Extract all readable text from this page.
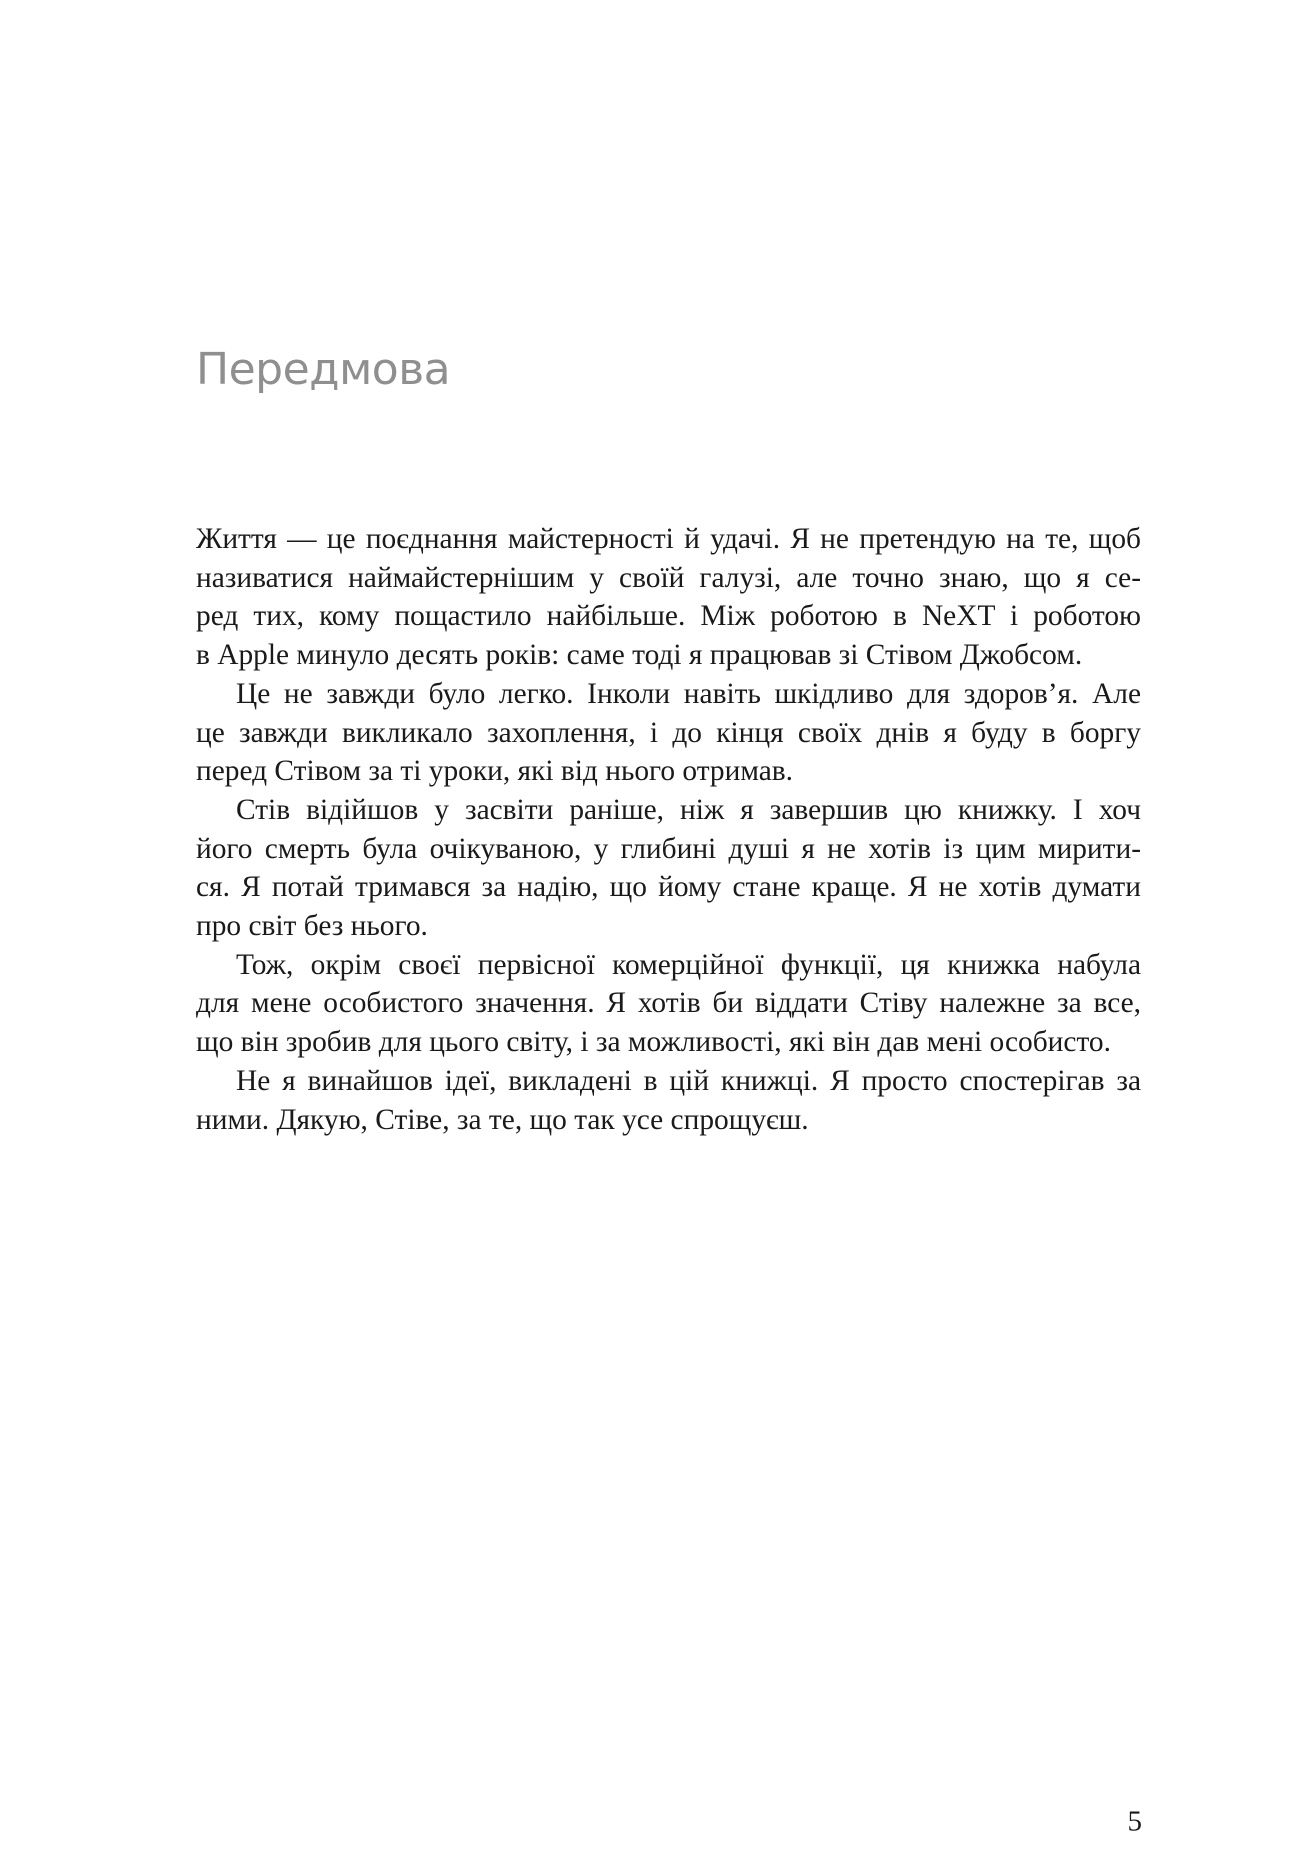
Передмова

Життя — це поєднання майстерності й удачі. Я не претендую на те, щоб

називатися наймайстернішим у своїй галузі, але точно знаю, що я се-

ред тих, кому пощастило найбільше. Між роботою в NeXT і роботою

в Apple минуло десять років: саме тоді я працював зі Стівом Джобсом.

Це не завжди було легко. Інколи навіть шкідливо для здоров’я. Але

це завжди викликало захоплення, і до кінця своїх днів я буду в боргу

перед Стівом за ті уроки, які від нього отримав.

Стів відійшов у засвіти раніше, ніж я завершив цю книжку. І хоч

його смерть була очікуваною, у глибині душі я не хотів із цим мирити-

ся. Я потай тримався за надію, що йому стане краще. Я не хотів думати

про світ без нього.

Тож, окрім своєї первісної комерційної функції, ця книжка набула

для мене особистого значення. Я хотів би віддати Стіву належне за все,

що він зробив для цього світу, і за можливості, які він дав мені особисто.

Не я винайшов ідеї, викладені в цій книжці. Я просто спостерігав за

ними. Дякую, Стіве, за те, що так усе спрощуєш.

5
